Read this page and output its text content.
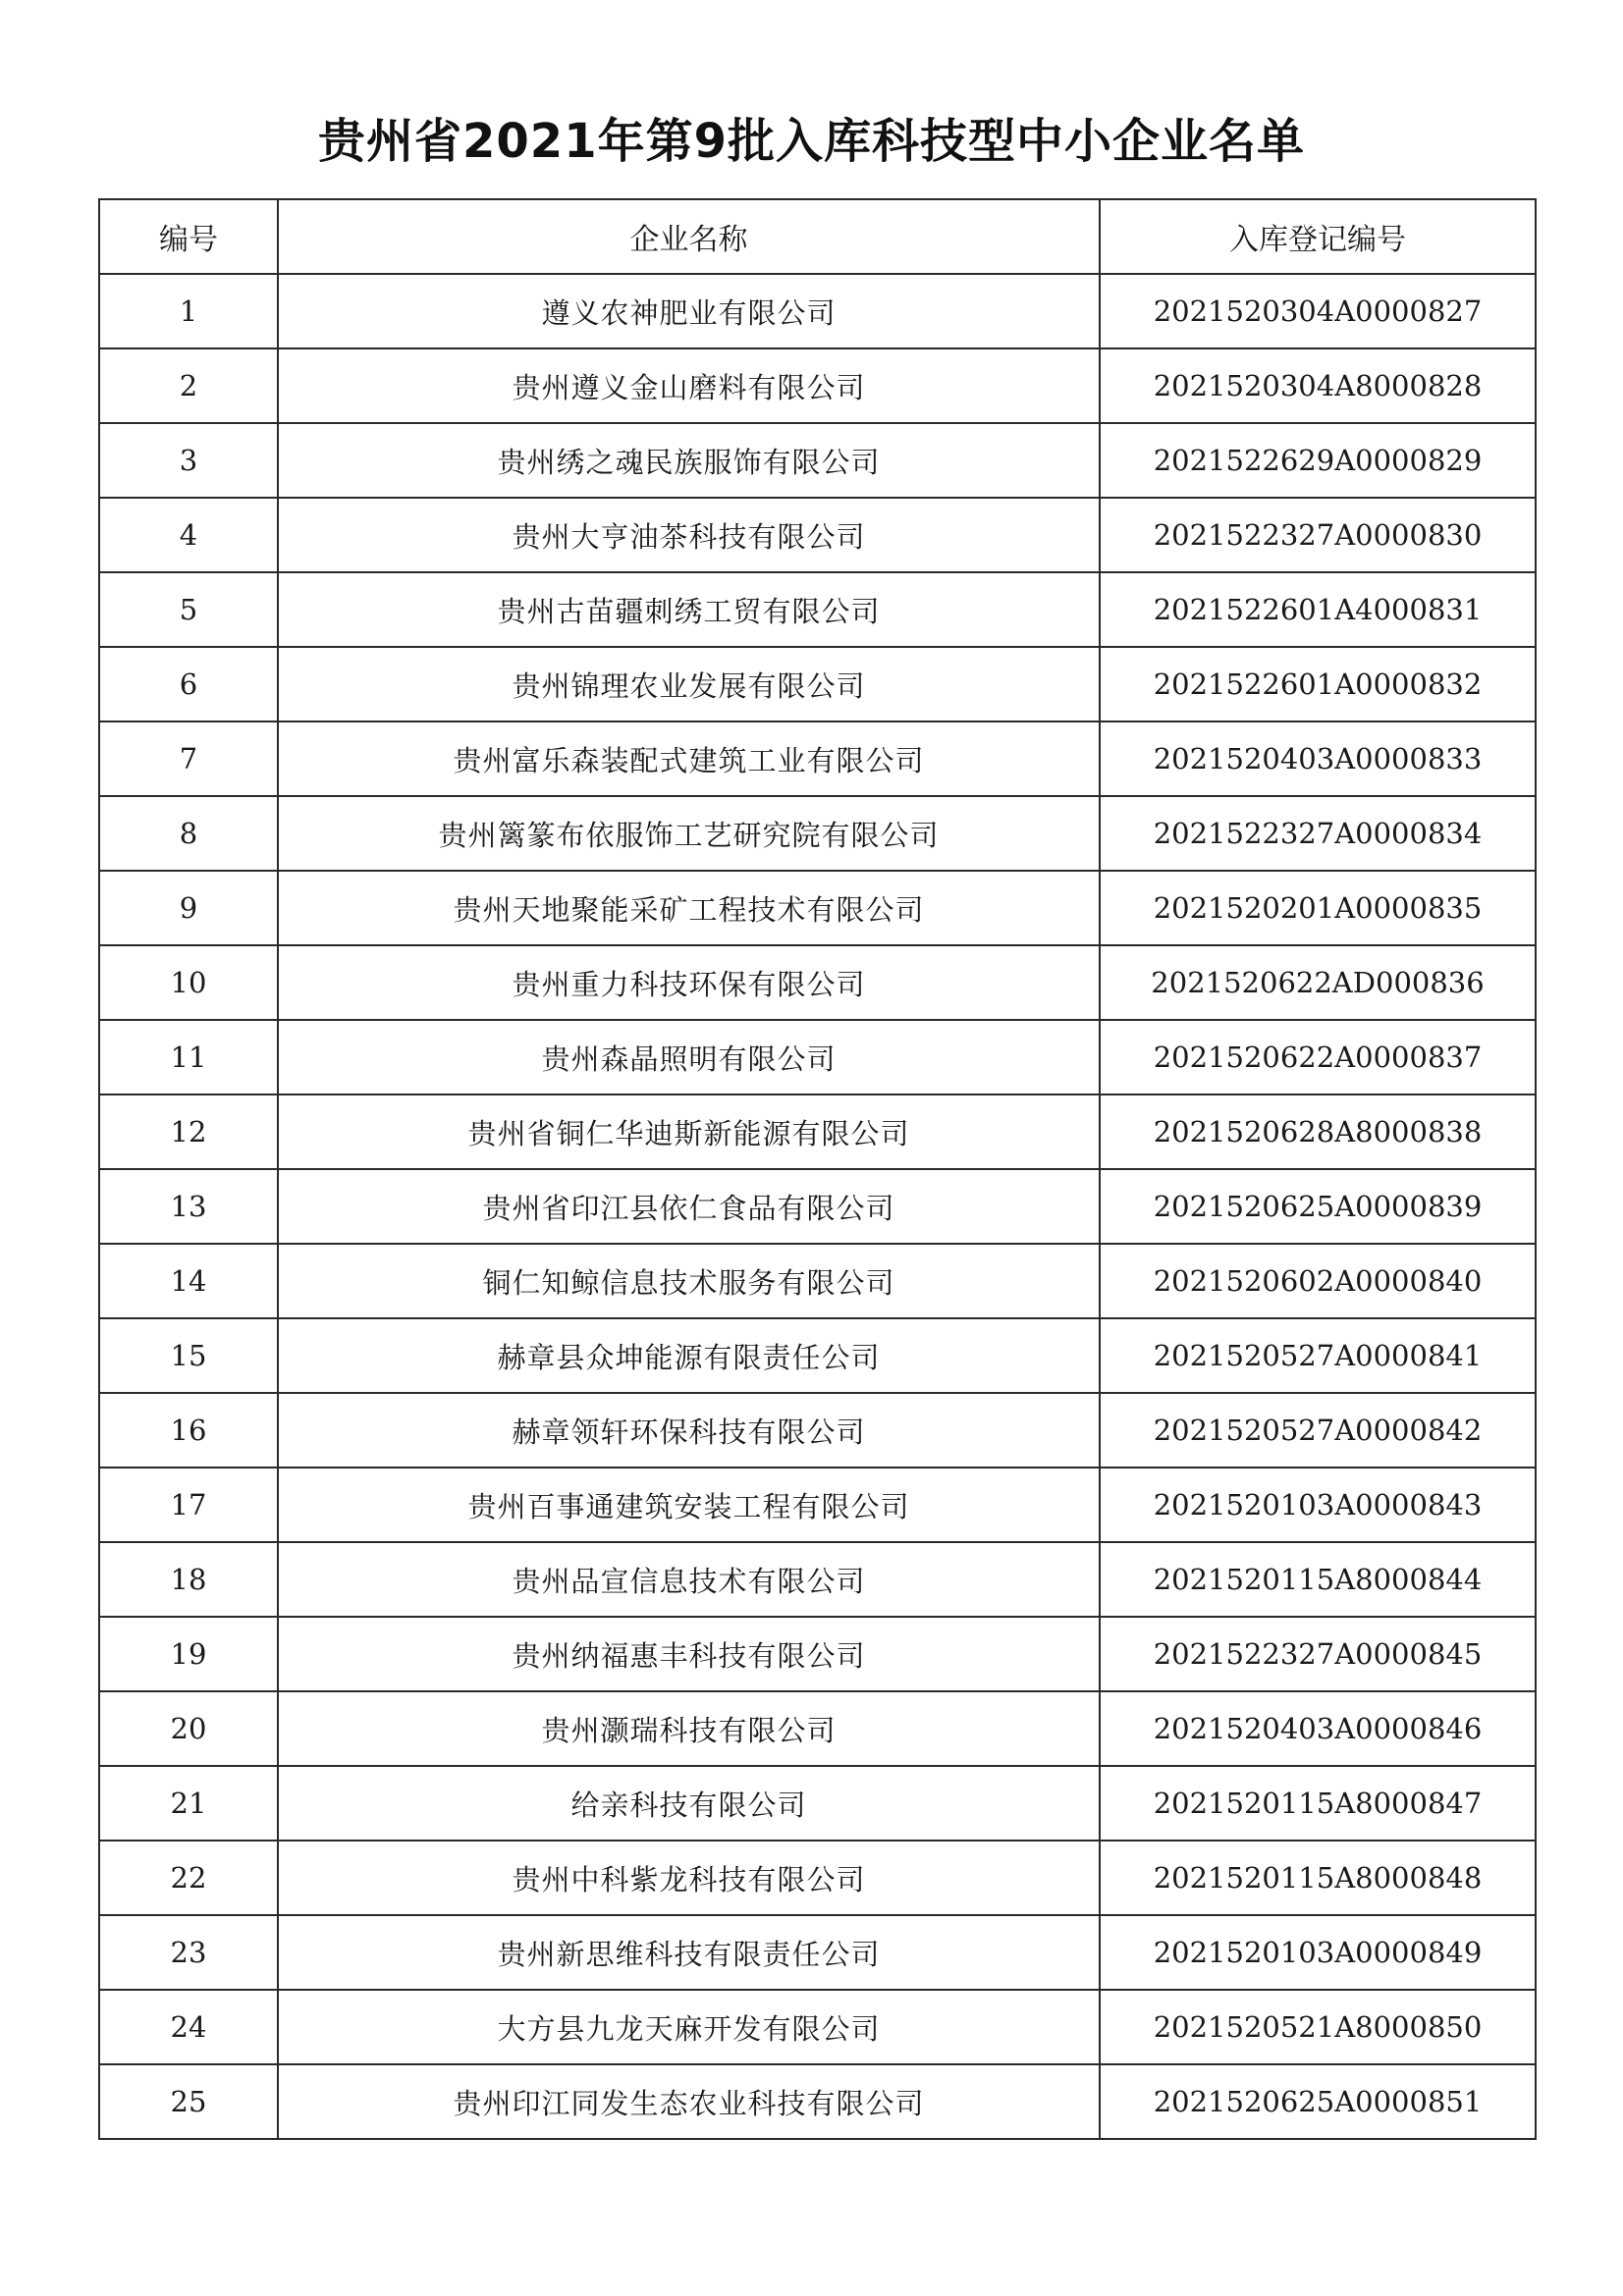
贵州省2021年第9批入库科技型中小企业名单
编号	企业名称	入库登记编号
1	遵义农神肥业有限公司	2021520304A0000827
2	贵州遵义金山磨料有限公司	2021520304A8000828
3	贵州绣之魂民族服饰有限公司	2021522629A0000829
4	贵州大亨油茶科技有限公司	2021522327A0000830
5	贵州古苗疆刺绣工贸有限公司	2021522601A4000831
6	贵州锦理农业发展有限公司	2021522601A0000832
7	贵州富乐森装配式建筑工业有限公司	2021520403A0000833
8	贵州篱篆布依服饰工艺研究院有限公司	2021522327A0000834
9	贵州天地聚能采矿工程技术有限公司	2021520201A0000835
10	贵州重力科技环保有限公司	2021520622AD000836
11	贵州森晶照明有限公司	2021520622A0000837
12	贵州省铜仁华迪斯新能源有限公司	2021520628A8000838
13	贵州省印江县依仁食品有限公司	2021520625A0000839
14	铜仁知鲸信息技术服务有限公司	2021520602A0000840
15	赫章县众坤能源有限责任公司	2021520527A0000841
16	赫章领轩环保科技有限公司	2021520527A0000842
17	贵州百事通建筑安装工程有限公司	2021520103A0000843
18	贵州品宣信息技术有限公司	2021520115A8000844
19	贵州纳福惠丰科技有限公司	2021522327A0000845
20	贵州灏瑞科技有限公司	2021520403A0000846
21	给亲科技有限公司	2021520115A8000847
22	贵州中科紫龙科技有限公司	2021520115A8000848
23	贵州新思维科技有限责任公司	2021520103A0000849
24	大方县九龙天麻开发有限公司	2021520521A8000850
25	贵州印江同发生态农业科技有限公司	2021520625A0000851
